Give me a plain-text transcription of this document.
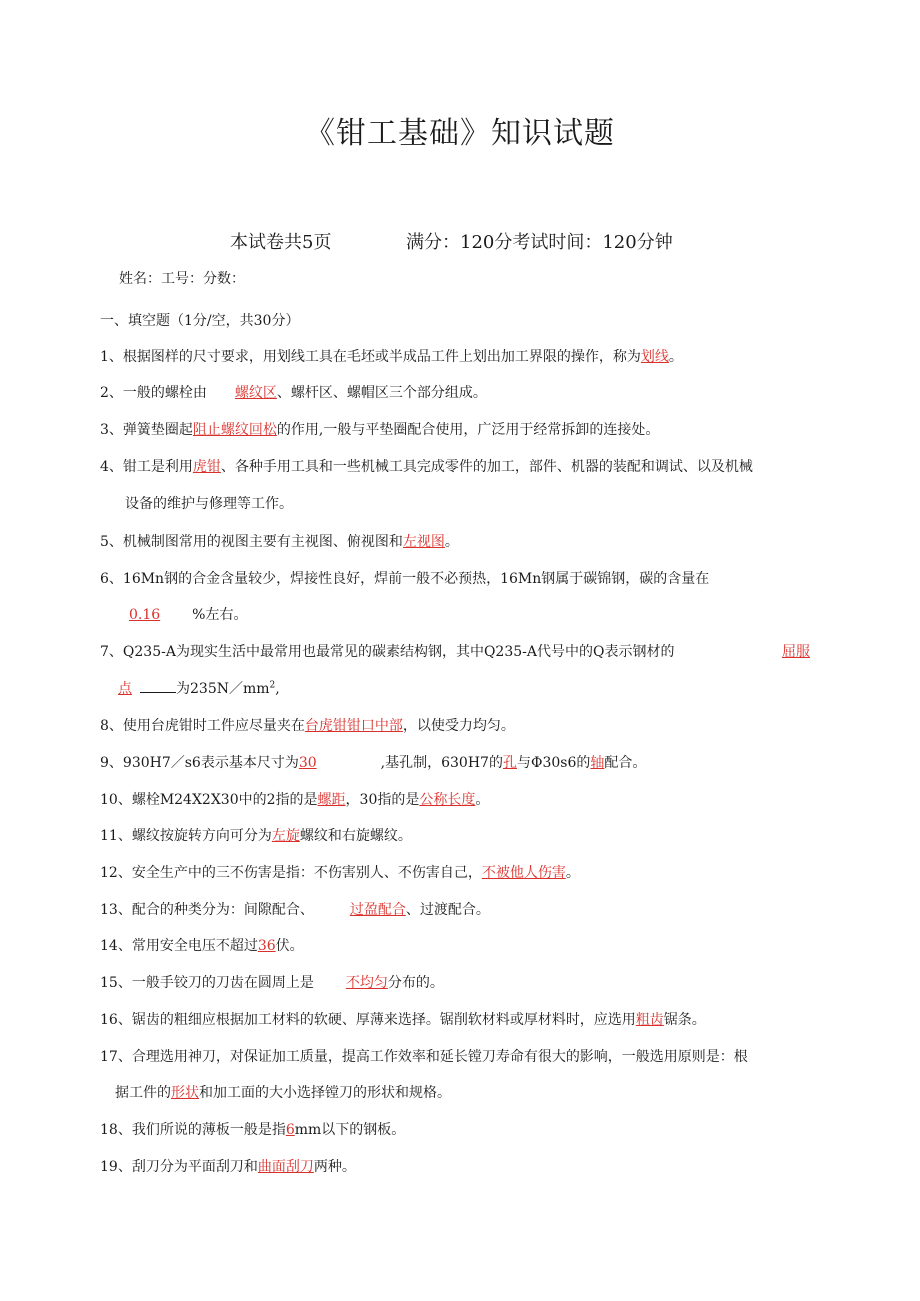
《钳工基础》知识试题
本试卷共5页	满分：120分考试时间：120分钟
姓名：工号：分数：
一、填空题（1分/空，共30分）
1、根据图样的尺寸要求，用划线工具在毛坯或半成品工件上划出加工界限的操作，称为划线。
2、一般的螺栓由 螺纹区、螺杆区、螺帽区三个部分组成。
3、弹簧垫圈起阻止螺纹回松的作用,一般与平垫圈配合使用，广泛用于经常拆卸的连接处。
4、钳工是利用虎钳、各种手用工具和一些机械工具完成零件的加工，部件、机器的装配和调试、以及机械
设备的维护与修理等工作。
5、机械制图常用的视图主要有主视图、俯视图和左视图。
6、16Mn钢的合金含量较少，焊接性良好，焊前一般不必预热，16Mn钢属于碳锦钢，碳的含量在
0.16 %左右。
7、Q235-A为现实生活中最常用也最常见的碳素结构钢，其中Q235-A代号中的Q表示钢材的	屈服
点	为$235N/mm^2$,
8、使用台虎钳时工件应尽量夹在台虎钳钳口中部，以使受力均匀。
9、930H7／s6表示基本尺寸为30	,基孔制，630H7的孔与Φ30s6的轴配合。
10、螺栓M24X2X30中的2指的是螺距，30指的是公称长度。
11、螺纹按旋转方向可分为左旋螺纹和右旋螺纹。
12、安全生产中的三不伤害是指：不伤害别人、不伤害自己，不被他人伤害。
13、配合的种类分为：间隙配合、	过盈配合、过渡配合。
14、常用安全电压不超过36伏。
15、一般手铰刀的刀齿在圆周上是 不均匀分布的。
16、锯齿的粗细应根据加工材料的软硬、厚薄来选择。锯削软材料或厚材料时，应选用粗齿锯条。
17、合理选用神刀，对保证加工质量，提高工作效率和延长镗刀寿命有很大的影响，一般选用原则是：根
据工件的形状和加工面的大小选择镗刀的形状和规格。
18、我们所说的薄板一般是指6mm以下的钢板。
19、刮刀分为平面刮刀和曲面刮刀两种。
